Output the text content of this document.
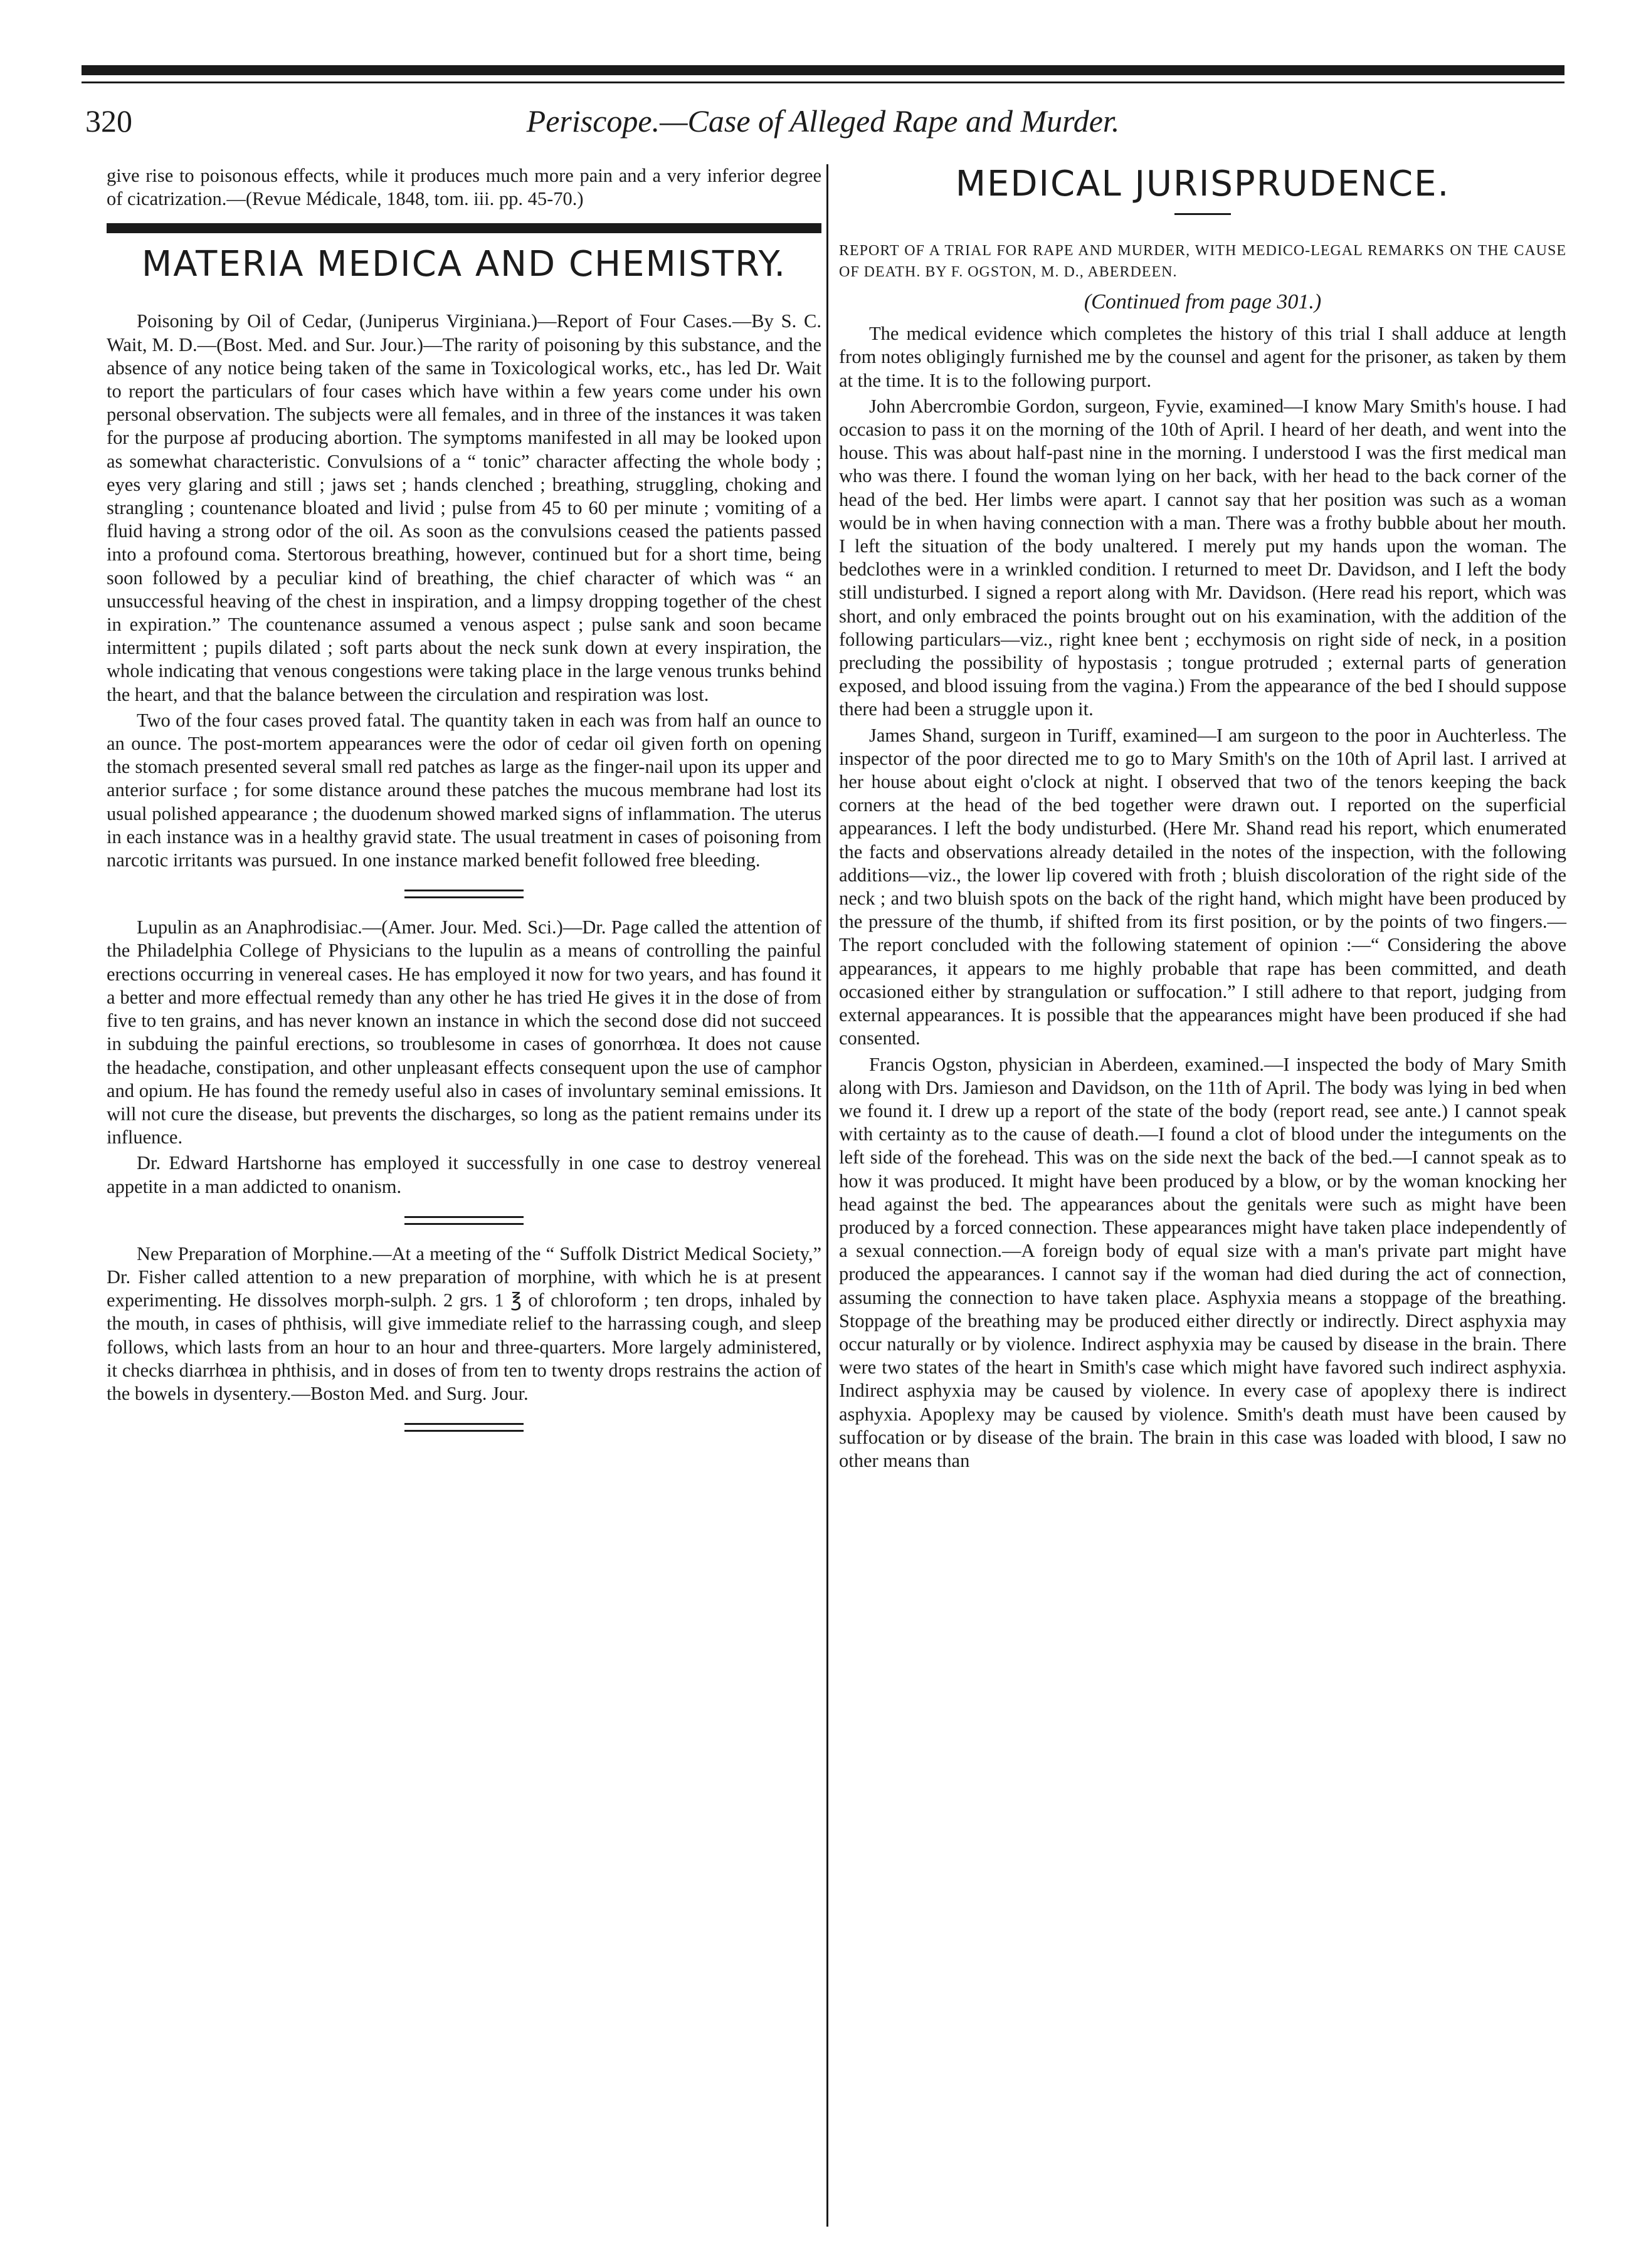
320	Periscope.—Case of Alleged Rape and Murder.

give rise to poisonous effects, while it produces much more pain and a very inferior degree of cicatrization.—(Revue Médicale, 1848, tom. iii. pp. 45-70.)

MATERIA MEDICA AND CHEMISTRY.

Poisoning by Oil of Cedar, (Juniperus Virginiana.)—Report of Four Cases.—By S. C. Wait, M. D.—(Bost. Med. and Sur. Jour.)—The rarity of poisoning by this substance, and the absence of any notice being taken of the same in Toxicological works, etc., has led Dr. Wait to report the particulars of four cases which have within a few years come under his own personal observation. The subjects were all females, and in three of the instances it was taken for the purpose af producing abortion. The symptoms manifested in all may be looked upon as somewhat characteristic. Convulsions of a “ tonic” character affecting the whole body ; eyes very glaring and still ; jaws set ; hands clenched ; breathing, struggling, choking and strangling ; countenance bloated and livid ; pulse from 45 to 60 per minute ; vomiting of a fluid having a strong odor of the oil. As soon as the convulsions ceased the patients passed into a profound coma. Stertorous breathing, however, continued but for a short time, being soon followed by a peculiar kind of breathing, the chief character of which was “ an unsuccessful heaving of the chest in inspiration, and a limpsy dropping together of the chest in expiration.” The countenance assumed a venous aspect ; pulse sank and soon became intermittent ; pupils dilated ; soft parts about the neck sunk down at every inspiration, the whole indicating that venous congestions were taking place in the large venous trunks behind the heart, and that the balance between the circulation and respiration was lost.

Two of the four cases proved fatal. The quantity taken in each was from half an ounce to an ounce. The post-mortem appearances were the odor of cedar oil given forth on opening the stomach presented several small red patches as large as the finger-nail upon its upper and anterior surface ; for some distance around these patches the mucous membrane had lost its usual polished appearance ; the duodenum showed marked signs of inflammation. The uterus in each instance was in a healthy gravid state. The usual treatment in cases of poisoning from narcotic irritants was pursued. In one instance marked benefit followed free bleeding.

Lupulin as an Anaphrodisiac.—(Amer. Jour. Med. Sci.)—Dr. Page called the attention of the Philadelphia College of Physicians to the lupulin as a means of controlling the painful erections occurring in venereal cases. He has employed it now for two years, and has found it a better and more effectual remedy than any other he has tried He gives it in the dose of from five to ten grains, and has never known an instance in which the second dose did not succeed in subduing the painful erections, so troublesome in cases of gonorrhœa. It does not cause the headache, constipation, and other unpleasant effects consequent upon the use of camphor and opium. He has found the remedy useful also in cases of involuntary seminal emissions. It will not cure the disease, but prevents the discharges, so long as the patient remains under its influence.

Dr. Edward Hartshorne has employed it successfully in one case to destroy venereal appetite in a man addicted to onanism.

New Preparation of Morphine.—At a meeting of the “ Suffolk District Medical Society,” Dr. Fisher called attention to a new preparation of morphine, with which he is at present experimenting. He dissolves morph-sulph. 2 grs. 1 ℥ of chloroform ; ten drops, inhaled by the mouth, in cases of phthisis, will give immediate relief to the harrassing cough, and sleep follows, which lasts from an hour to an hour and three-quarters. More largely administered, it checks diarrhœa in phthisis, and in doses of from ten to twenty drops restrains the action of the bowels in dysentery.—Boston Med. and Surg. Jour.

MEDICAL JURISPRUDENCE.
REPORT OF A TRIAL FOR RAPE AND MURDER, WITH MEDICO-LEGAL REMARKS ON THE CAUSE OF DEATH. BY F. OGSTON, M. D., ABERDEEN.
(Continued from page 301.)

The medical evidence which completes the history of this trial I shall adduce at length from notes obligingly furnished me by the counsel and agent for the prisoner, as taken by them at the time. It is to the following purport.

John Abercrombie Gordon, surgeon, Fyvie, examined—I know Mary Smith's house. I had occasion to pass it on the morning of the 10th of April. I heard of her death, and went into the house. This was about half-past nine in the morning. I understood I was the first medical man who was there. I found the woman lying on her back, with her head to the back corner of the head of the bed. Her limbs were apart. I cannot say that her position was such as a woman would be in when having connection with a man. There was a frothy bubble about her mouth. I left the situation of the body unaltered. I merely put my hands upon the woman. The bedclothes were in a wrinkled condition. I returned to meet Dr. Davidson, and I left the body still undisturbed. I signed a report along with Mr. Davidson. (Here read his report, which was short, and only embraced the points brought out on his examination, with the addition of the following particulars—viz., right knee bent ; ecchymosis on right side of neck, in a position precluding the possibility of hypostasis ; tongue protruded ; external parts of generation exposed, and blood issuing from the vagina.) From the appearance of the bed I should suppose there had been a struggle upon it.

James Shand, surgeon in Turiff, examined—I am surgeon to the poor in Auchterless. The inspector of the poor directed me to go to Mary Smith's on the 10th of April last. I arrived at her house about eight o'clock at night. I observed that two of the tenors keeping the back corners at the head of the bed together were drawn out. I reported on the superficial appearances. I left the body undisturbed. (Here Mr. Shand read his report, which enumerated the facts and observations already detailed in the notes of the inspection, with the following additions—viz., the lower lip covered with froth ; bluish discoloration of the right side of the neck ; and two bluish spots on the back of the right hand, which might have been produced by the pressure of the thumb, if shifted from its first position, or by the points of two fingers.—The report concluded with the following statement of opinion :—“ Considering the above appearances, it appears to me highly probable that rape has been committed, and death occasioned either by strangulation or suffocation.” I still adhere to that report, judging from external appearances. It is possible that the appearances might have been produced if she had consented.

Francis Ogston, physician in Aberdeen, examined.—I inspected the body of Mary Smith along with Drs. Jamieson and Davidson, on the 11th of April. The body was lying in bed when we found it. I drew up a report of the state of the body (report read, see ante.) I cannot speak with certainty as to the cause of death.—I found a clot of blood under the integuments on the left side of the forehead. This was on the side next the back of the bed.—I cannot speak as to how it was produced. It might have been produced by a blow, or by the woman knocking her head against the bed. The appearances about the genitals were such as might have been produced by a forced connection. These appearances might have taken place independently of a sexual connection.—A foreign body of equal size with a man's private part might have produced the appearances. I cannot say if the woman had died during the act of connection, assuming the connection to have taken place. Asphyxia means a stoppage of the breathing. Stoppage of the breathing may be produced either directly or indirectly. Direct asphyxia may occur naturally or by violence. Indirect asphyxia may be caused by disease in the brain. There were two states of the heart in Smith's case which might have favored such indirect asphyxia. Indirect asphyxia may be caused by violence. In every case of apoplexy there is indirect asphyxia. Apoplexy may be caused by violence. Smith's death must have been caused by suffocation or by disease of the brain. The brain in this case was loaded with blood, I saw no other means than
